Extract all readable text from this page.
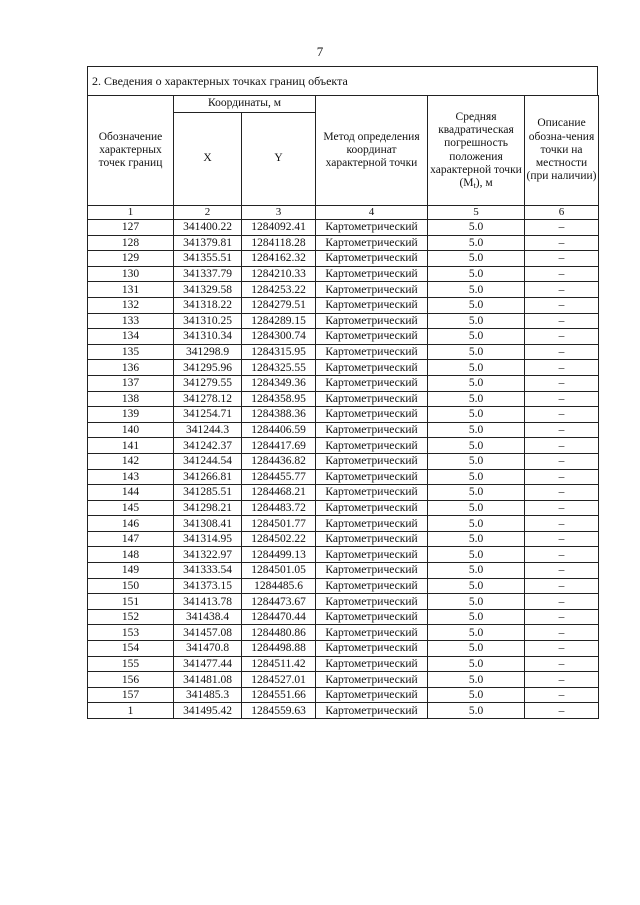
7
2. Сведения о характерных точках границ объекта
Обозначение характерных точек границ	Координаты, м		Метод определения координат характерной точки	Средняя квадратическая погрешность положения характерной точки (Mt), м	Описание обозна-чения точки на местности (при наличии)
	X	Y			
1	2	3	4	5	6
127	341400.22	1284092.41	Картометрический	5.0	–
128	341379.81	1284118.28	Картометрический	5.0	–
129	341355.51	1284162.32	Картометрический	5.0	–
130	341337.79	1284210.33	Картометрический	5.0	–
131	341329.58	1284253.22	Картометрический	5.0	–
132	341318.22	1284279.51	Картометрический	5.0	–
133	341310.25	1284289.15	Картометрический	5.0	–
134	341310.34	1284300.74	Картометрический	5.0	–
135	341298.9	1284315.95	Картометрический	5.0	–
136	341295.96	1284325.55	Картометрический	5.0	–
137	341279.55	1284349.36	Картометрический	5.0	–
138	341278.12	1284358.95	Картометрический	5.0	–
139	341254.71	1284388.36	Картометрический	5.0	–
140	341244.3	1284406.59	Картометрический	5.0	–
141	341242.37	1284417.69	Картометрический	5.0	–
142	341244.54	1284436.82	Картометрический	5.0	–
143	341266.81	1284455.77	Картометрический	5.0	–
144	341285.51	1284468.21	Картометрический	5.0	–
145	341298.21	1284483.72	Картометрический	5.0	–
146	341308.41	1284501.77	Картометрический	5.0	–
147	341314.95	1284502.22	Картометрический	5.0	–
148	341322.97	1284499.13	Картометрический	5.0	–
149	341333.54	1284501.05	Картометрический	5.0	–
150	341373.15	1284485.6	Картометрический	5.0	–
151	341413.78	1284473.67	Картометрический	5.0	–
152	341438.4	1284470.44	Картометрический	5.0	–
153	341457.08	1284480.86	Картометрический	5.0	–
154	341470.8	1284498.88	Картометрический	5.0	–
155	341477.44	1284511.42	Картометрический	5.0	–
156	341481.08	1284527.01	Картометрический	5.0	–
157	341485.3	1284551.66	Картометрический	5.0	–
1	341495.42	1284559.63	Картометрический	5.0	–
